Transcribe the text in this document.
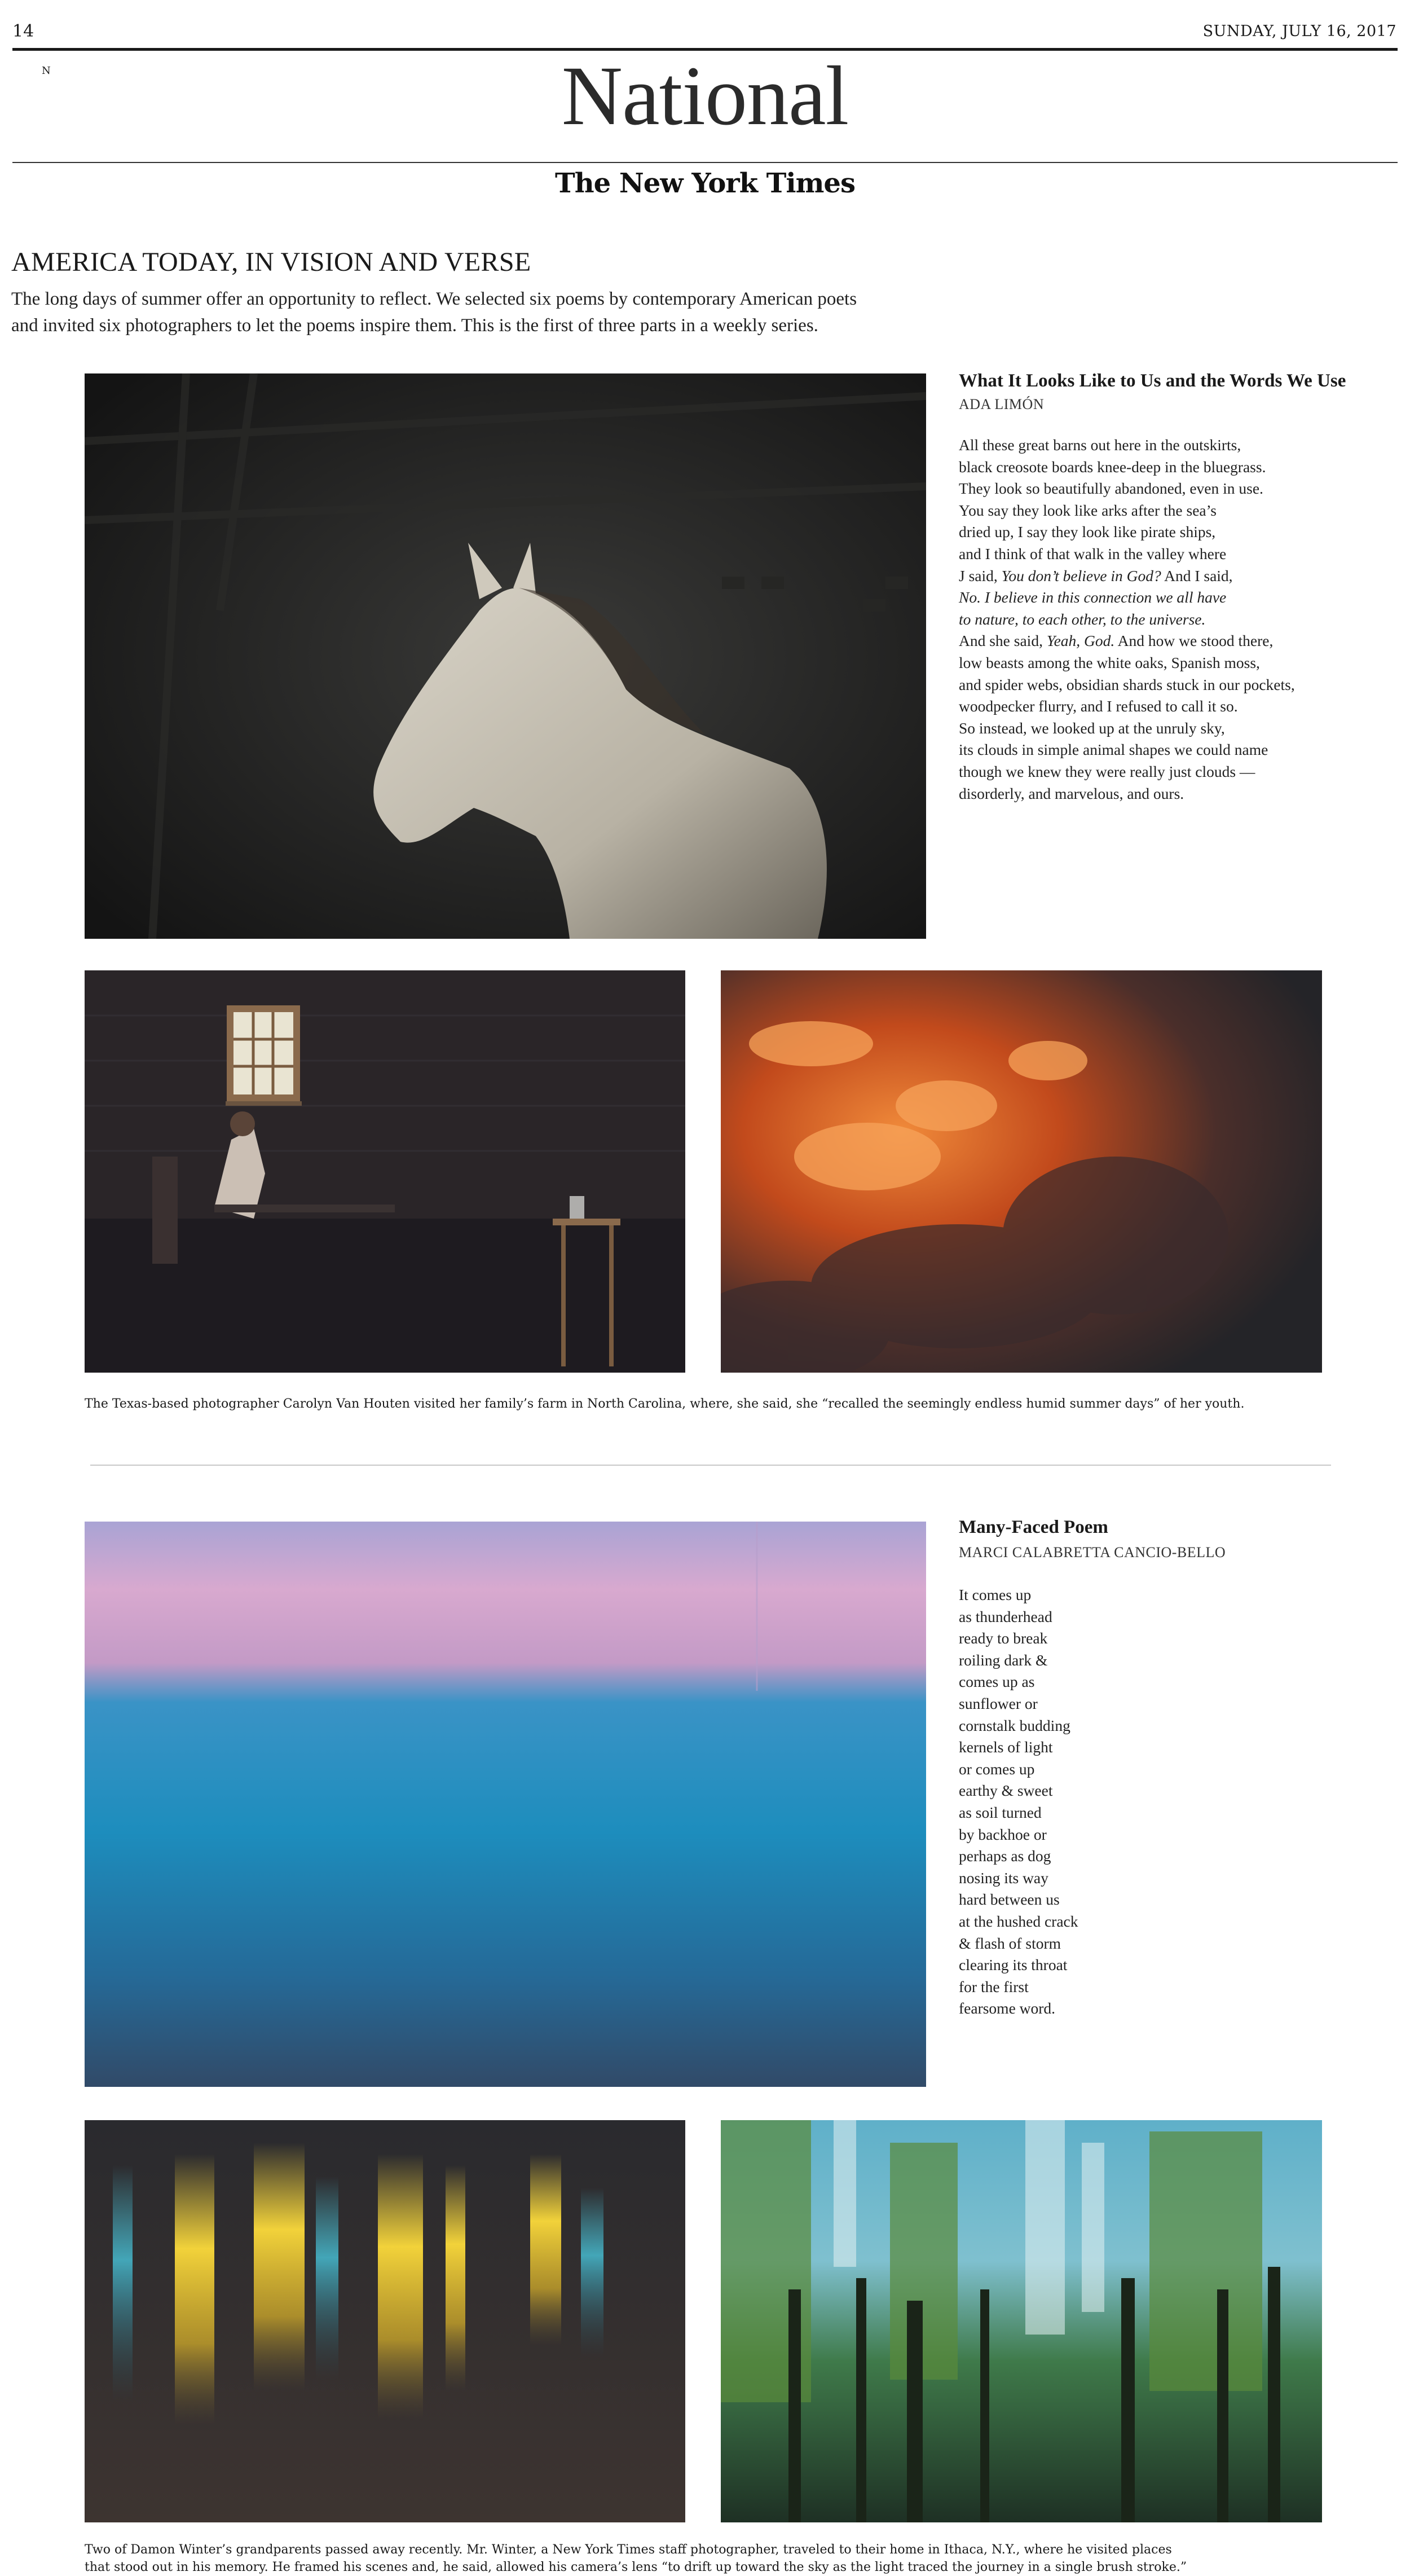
14	SUNDAY, JULY 16, 2017
N	National
The New York Times
AMERICA TODAY, IN VISION AND VERSE
The long days of summer offer an opportunity to reflect. We selected six poems by contemporary American poets
and invited six photographers to let the poems inspire them. This is the first of three parts in a weekly series.
What It Looks Like to Us and the Words We Use
ADA LIMÓN
All these great barns out here in the outskirts,
black creosote boards knee-deep in the bluegrass.
They look so beautifully abandoned, even in use.
You say they look like arks after the sea’s
dried up, I say they look like pirate ships,
and I think of that walk in the valley where
J said, You don’t believe in God? And I said,
No. I believe in this connection we all have
to nature, to each other, to the universe.
And she said, Yeah, God. And how we stood there,
low beasts among the white oaks, Spanish moss,
and spider webs, obsidian shards stuck in our pockets,
woodpecker flurry, and I refused to call it so.
So instead, we looked up at the unruly sky,
its clouds in simple animal shapes we could name
though we knew they were really just clouds —
disorderly, and marvelous, and ours.
The Texas-based photographer Carolyn Van Houten visited her family’s farm in North Carolina, where, she said, she “recalled the seemingly endless humid summer days” of her youth.
Many-Faced Poem
MARCI CALABRETTA CANCIO-BELLO
It comes up
as thunderhead
ready to break
roiling dark &
comes up as
sunflower or
cornstalk budding
kernels of light
or comes up
earthy & sweet
as soil turned
by backhoe or
perhaps as dog
nosing its way
hard between us
at the hushed crack
& flash of storm
clearing its throat
for the first
fearsome word.
Two of Damon Winter’s grandparents passed away recently. Mr. Winter, a New York Times staff photographer, traveled to their home in Ithaca, N.Y., where he visited places
that stood out in his memory. He framed his scenes and, he said, allowed his camera’s lens “to drift up toward the sky as the light traced the journey in a single brush stroke.”
